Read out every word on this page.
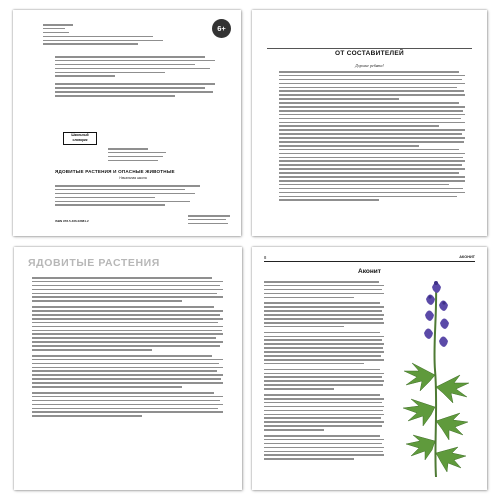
6+
Школьный словарик
ЯДОВИТЫЕ РАСТЕНИЯ И ОПАСНЫЕ ЖИВОТНЫЕ
Начальная школа
ISBN 978-5-466-02881-2
ОТ СОСТАВИТЕЛЕЙ
Дорогие ребята!
ЯДОВИТЫЕ РАСТЕНИЯ	8	АКОНИТ
Аконит
